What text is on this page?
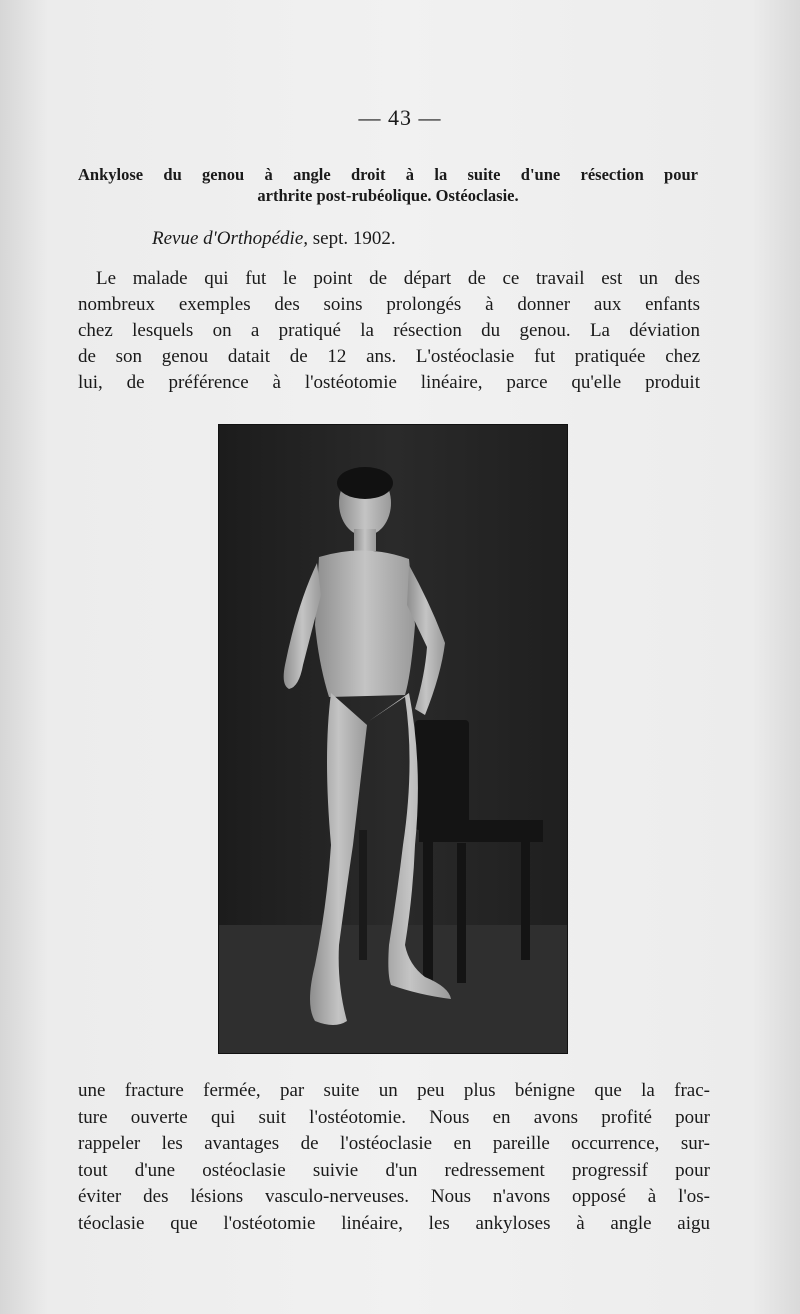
— 43 —
Ankylose du genou à angle droit à la suite d'une résection pour
arthrite post-rubéolique. Ostéoclasie.
Revue d'Orthopédie, sept. 1902.
Le malade qui fut le point de départ de ce travail est un des
nombreux exemples des soins prolongés à donner aux enfants
chez lesquels on a pratiqué la résection du genou. La déviation
de son genou datait de 12 ans. L'ostéoclasie fut pratiquée chez
lui, de préférence à l'ostéotomie linéaire, parce qu'elle produit
une fracture fermée, par suite un peu plus bénigne que la frac-
ture ouverte qui suit l'ostéotomie. Nous en avons profité pour
rappeler les avantages de l'ostéoclasie en pareille occurrence, sur-
tout d'une ostéoclasie suivie d'un redressement progressif pour
éviter des lésions vasculo-nerveuses. Nous n'avons opposé à l'os-
téoclasie que l'ostéotomie linéaire, les ankyloses à angle aigu
